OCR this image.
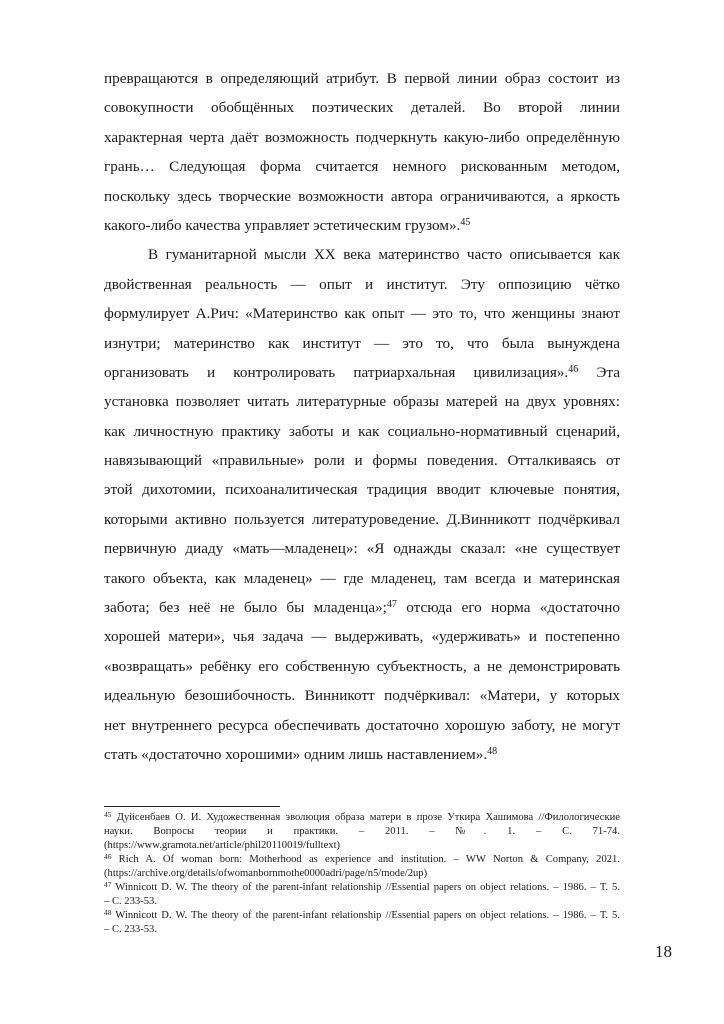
превращаются в определяющий атрибут. В первой линии образ состоит из
совокупности обобщённых поэтических деталей. Во второй линии
характерная черта даёт возможность подчеркнуть какую-либо определённую
грань… Следующая форма считается немного рискованным методом,
поскольку здесь творческие возможности автора ограничиваются, а яркость
какого-либо качества управляет эстетическим грузом».$^{45}$
В гуманитарной мысли XX века материнство часто описывается как
двойственная реальность — опыт и институт. Эту оппозицию чётко
формулирует А.Рич: «Материнство как опыт — это то, что женщины знают
изнутри; материнство как институт — это то, что была вынуждена
организовать и контролировать патриархальная цивилизация».$^{46}$ Эта
установка позволяет читать литературные образы матерей на двух уровнях:
как личностную практику заботы и как социально-нормативный сценарий,
навязывающий «правильные» роли и формы поведения. Отталкиваясь от
этой дихотомии, психоаналитическая традиция вводит ключевые понятия,
которыми активно пользуется литературоведение. Д.Винникотт подчёркивал
первичную диаду «мать—младенец»: «Я однажды сказал: «не существует
такого объекта, как младенец» — где младенец, там всегда и материнская
забота; без неё не было бы младенца»;$^{47}$ отсюда его норма «достаточно
хорошей матери», чья задача — выдерживать, «удерживать» и постепенно
«возвращать» ребёнку его собственную субъектность, а не демонстрировать
идеальную безошибочность. Винникотт подчёркивал: «Матери, у которых
нет внутреннего ресурса обеспечивать достаточно хорошую заботу, не могут
стать «достаточно хорошими» одним лишь наставлением».$^{48}$
$^{45}$ Дуйсенбаев О. И. Художественная эволюция образа матери в прозе Уткира Хашимова //Филологические
науки. Вопросы теории и практики. – 2011. – №. 1. – С. 71-74.
(https://www.gramota.net/article/phil20110019/fulltext)
$^{46}$ Rich A. Of woman born: Motherhood as experience and institution. – WW Norton & Company, 2021.
(https://archive.org/details/ofwomanbornmothe0000adri/page/n5/mode/2up)
$^{47}$ Winnicott D. W. The theory of the parent-infant relationship //Essential papers on object relations. – 1986. – Т. 5.
– С. 233-53.
$^{48}$ Winnicott D. W. The theory of the parent-infant relationship //Essential papers on object relations. – 1986. – Т. 5.
– С. 233-53.
18
